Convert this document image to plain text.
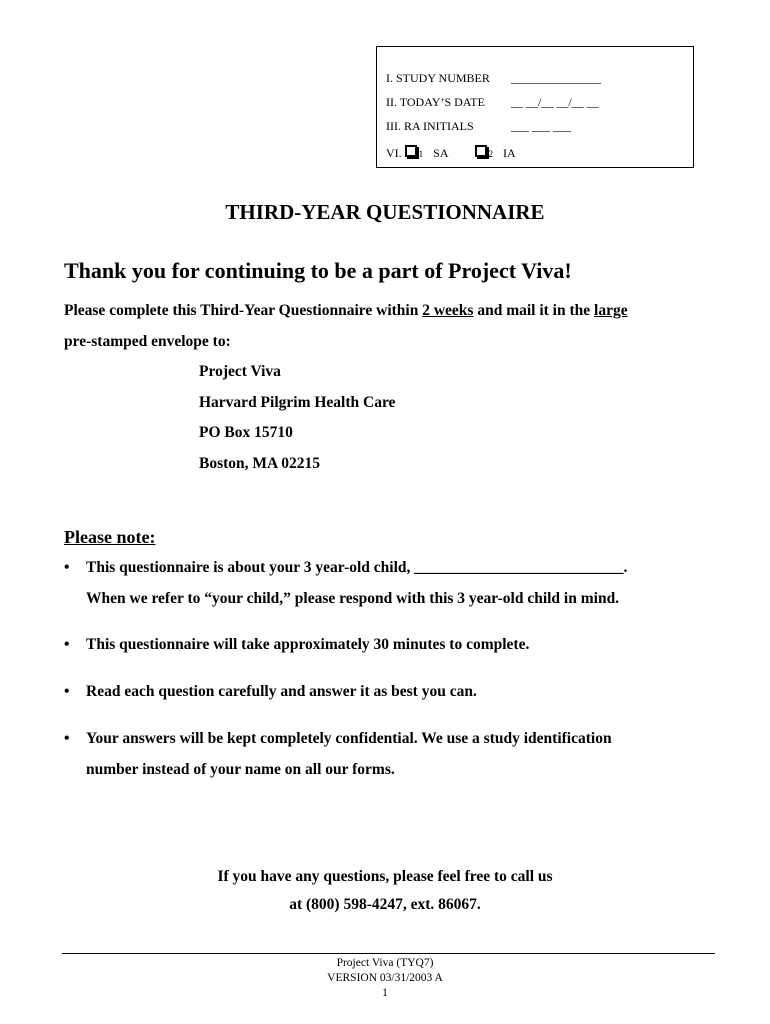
I. STUDY NUMBER	_______________
II. TODAY’S DATE	__ __/__ __/__ __
III. RA INITIALS	___ ___ ___
VI. 1 SA	2 IA
THIRD-YEAR QUESTIONNAIRE
Thank you for continuing to be a part of Project Viva!
Please complete this Third-Year Questionnaire within 2 weeks and mail it in the large
pre-stamped envelope to:
Project Viva
Harvard Pilgrim Health Care
PO Box 15710
Boston, MA 02215
Please note:
• This questionnaire is about your 3 year-old child, ___________________________.
When we refer to “your child,” please respond with this 3 year-old child in mind.
• This questionnaire will take approximately 30 minutes to complete.
• Read each question carefully and answer it as best you can.
• Your answers will be kept completely confidential. We use a study identification
number instead of your name on all our forms.
If you have any questions, please feel free to call us
at (800) 598-4247, ext. 86067.
Project Viva (TYQ7)
VERSION 03/31/2003 A
1
